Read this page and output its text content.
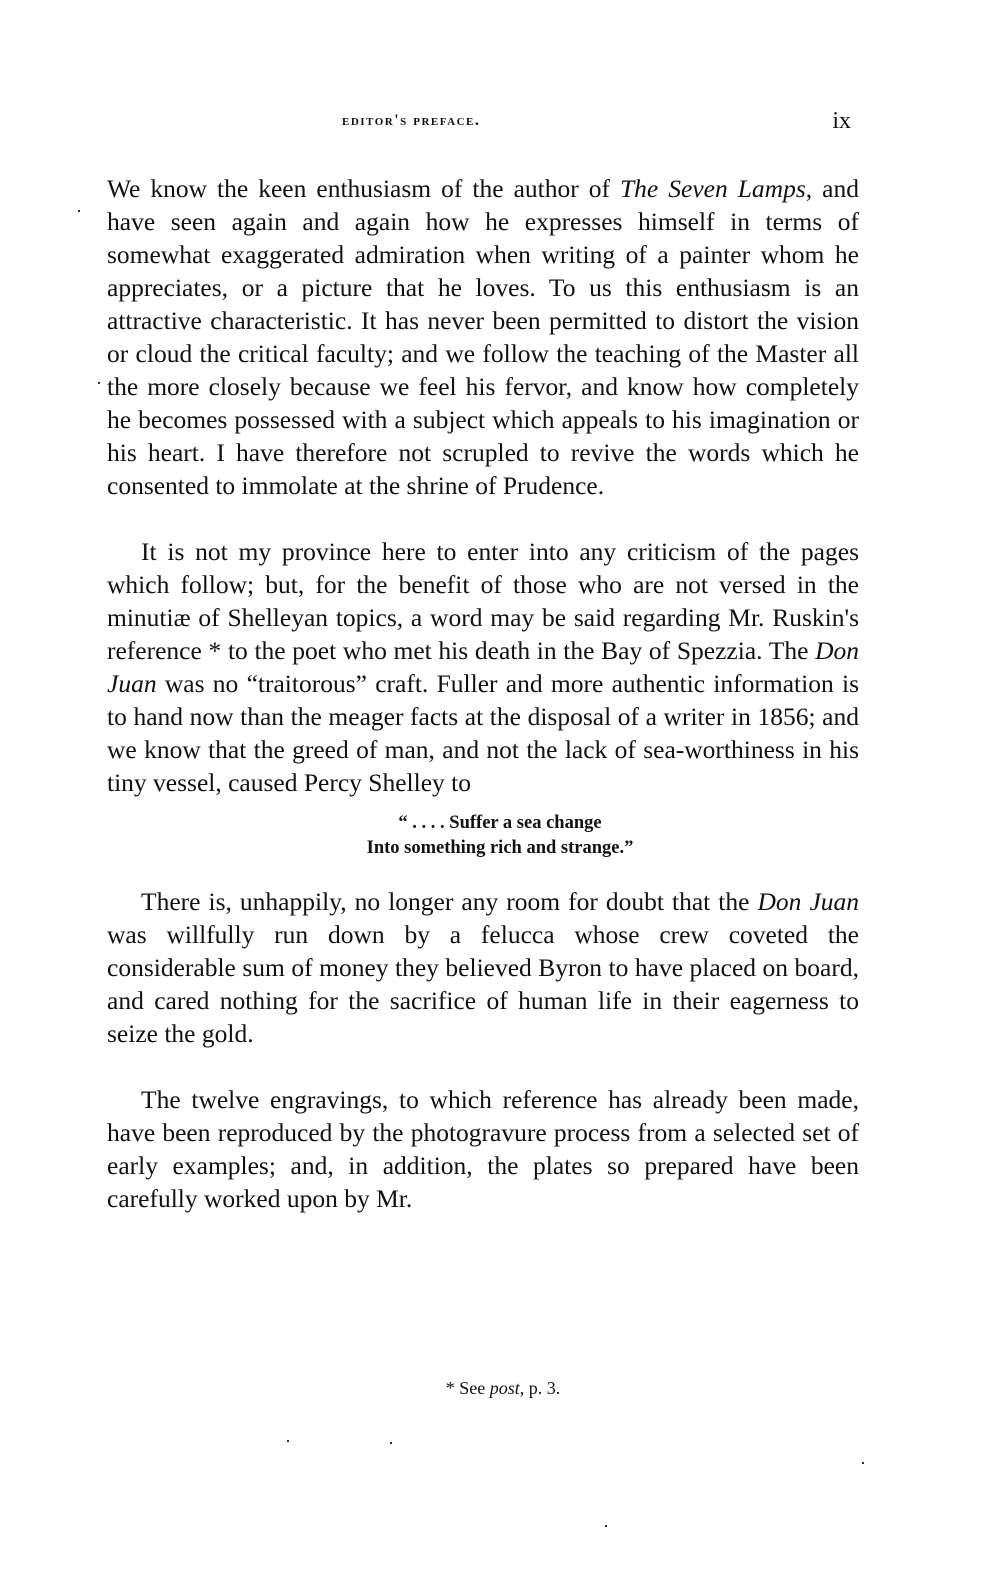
editor's preface.	ix

We know the keen enthusiasm of the author of The Seven Lamps, and have seen again and again how he expresses himself in terms of somewhat exaggerated admiration when writing of a painter whom he appreciates, or a picture that he loves. To us this enthusiasm is an attractive characteristic. It has never been permitted to distort the vision or cloud the critical faculty; and we follow the teaching of the Master all the more closely because we feel his fervor, and know how completely he becomes possessed with a subject which appeals to his imagination or his heart. I have therefore not scrupled to revive the words which he consented to immolate at the shrine of Prudence.

It is not my province here to enter into any criticism of the pages which follow; but, for the benefit of those who are not versed in the minutiæ of Shelleyan topics, a word may be said regarding Mr. Ruskin's reference * to the poet who met his death in the Bay of Spezzia. The Don Juan was no “traitorous” craft. Fuller and more authentic information is to hand now than the meager facts at the disposal of a writer in 1856; and we know that the greed of man, and not the lack of sea-worthiness in his tiny vessel, caused Percy Shelley to

“ . . . . Suffer a sea change
Into something rich and strange.”

There is, unhappily, no longer any room for doubt that the Don Juan was willfully run down by a felucca whose crew coveted the considerable sum of money they believed Byron to have placed on board, and cared nothing for the sacrifice of human life in their eagerness to seize the gold.

The twelve engravings, to which reference has already been made, have been reproduced by the photogravure process from a selected set of early examples; and, in addition, the plates so prepared have been carefully worked upon by Mr.

* See post, p. 3.
